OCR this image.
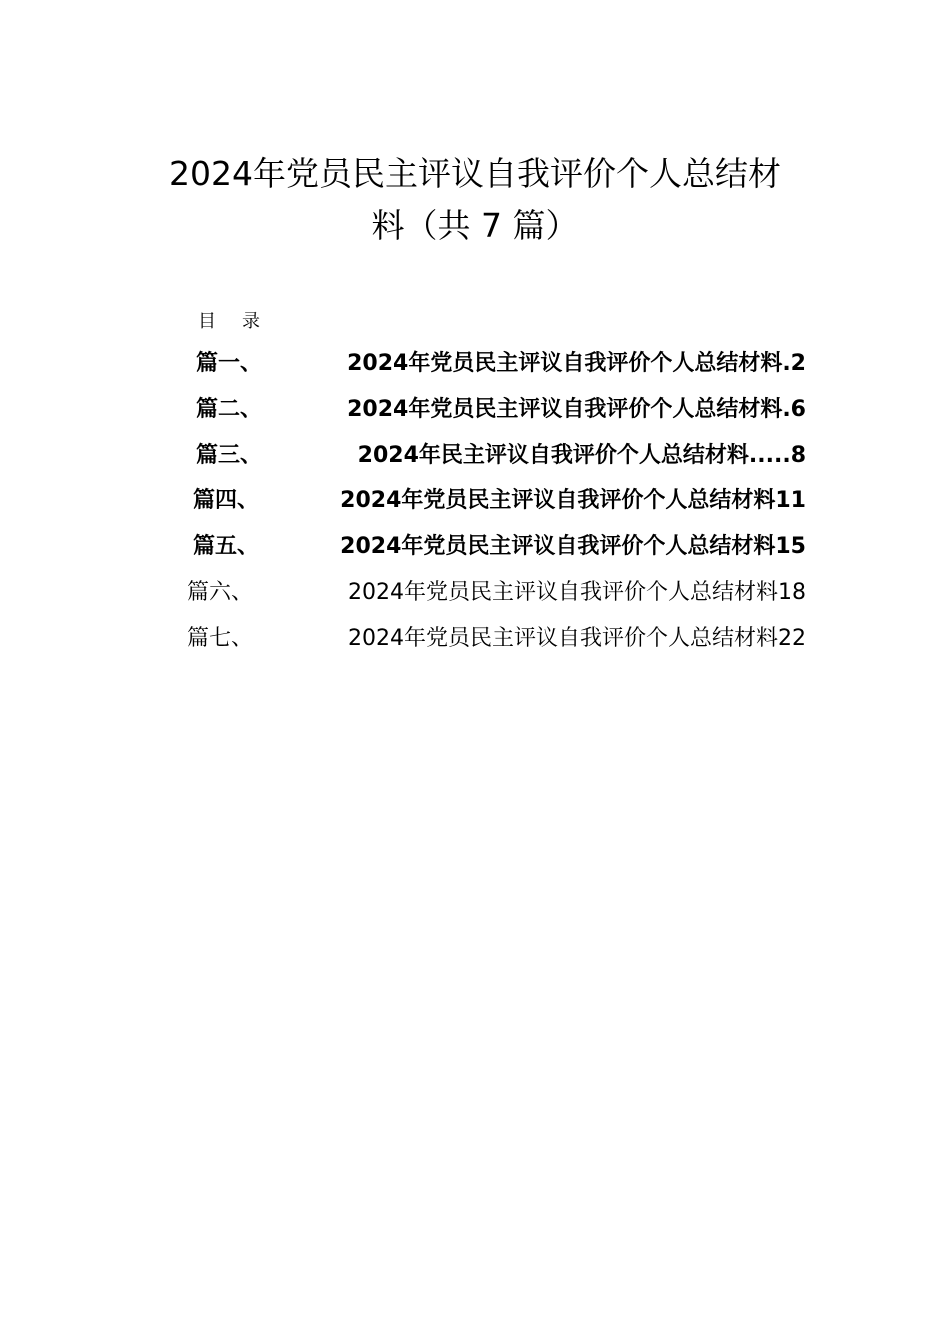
2024年党员民主评议自我评价个人总结材
料（共 7 篇）
目录
篇一、	2024年党员民主评议自我评价个人总结材料.2
篇二、	2024年党员民主评议自我评价个人总结材料.6
篇三、	2024年民主评议自我评价个人总结材料.....8
篇四、	2024年党员民主评议自我评价个人总结材料11
篇五、	2024年党员民主评议自我评价个人总结材料15
篇六、	2024年党员民主评议自我评价个人总结材料18
篇七、	2024年党员民主评议自我评价个人总结材料22
